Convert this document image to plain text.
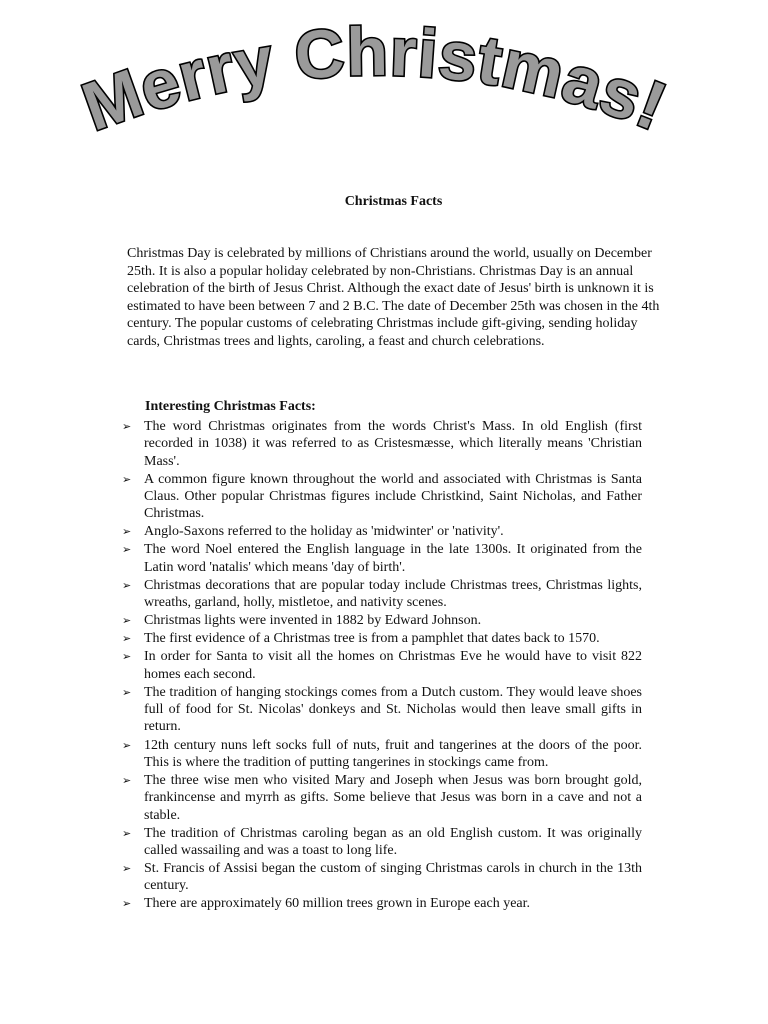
Merry Christmas!
Christmas Facts

Christmas Day is celebrated by millions of Christians around the world, usually on December 25th. It is also a popular holiday celebrated by non-Christians. Christmas Day is an annual celebration of the birth of Jesus Christ. Although the exact date of Jesus' birth is unknown it is estimated to have been between 7 and 2 B.C. The date of December 25th was chosen in the 4th century. The popular customs of celebrating Christmas include gift-giving, sending holiday cards, Christmas trees and lights, caroling, a feast and church celebrations.

Interesting Christmas Facts:
➢ The word Christmas originates from the words Christ's Mass. In old English (first recorded in 1038) it was referred to as Cristesmæsse, which literally means 'Christian Mass'.
➢ A common figure known throughout the world and associated with Christmas is Santa Claus. Other popular Christmas figures include Christkind, Saint Nicholas, and Father Christmas.
➢ Anglo-Saxons referred to the holiday as 'midwinter' or 'nativity'.
➢ The word Noel entered the English language in the late 1300s. It originated from the Latin word 'natalis' which means 'day of birth'.
➢ Christmas decorations that are popular today include Christmas trees, Christmas lights, wreaths, garland, holly, mistletoe, and nativity scenes.
➢ Christmas lights were invented in 1882 by Edward Johnson.
➢ The first evidence of a Christmas tree is from a pamphlet that dates back to 1570.
➢ In order for Santa to visit all the homes on Christmas Eve he would have to visit 822 homes each second.
➢ The tradition of hanging stockings comes from a Dutch custom. They would leave shoes full of food for St. Nicolas' donkeys and St. Nicholas would then leave small gifts in return.
➢ 12th century nuns left socks full of nuts, fruit and tangerines at the doors of the poor. This is where the tradition of putting tangerines in stockings came from.
➢ The three wise men who visited Mary and Joseph when Jesus was born brought gold, frankincense and myrrh as gifts. Some believe that Jesus was born in a cave and not a stable.
➢ The tradition of Christmas caroling began as an old English custom. It was originally called wassailing and was a toast to long life.
➢ St. Francis of Assisi began the custom of singing Christmas carols in church in the 13th century.
➢ There are approximately 60 million trees grown in Europe each year.
